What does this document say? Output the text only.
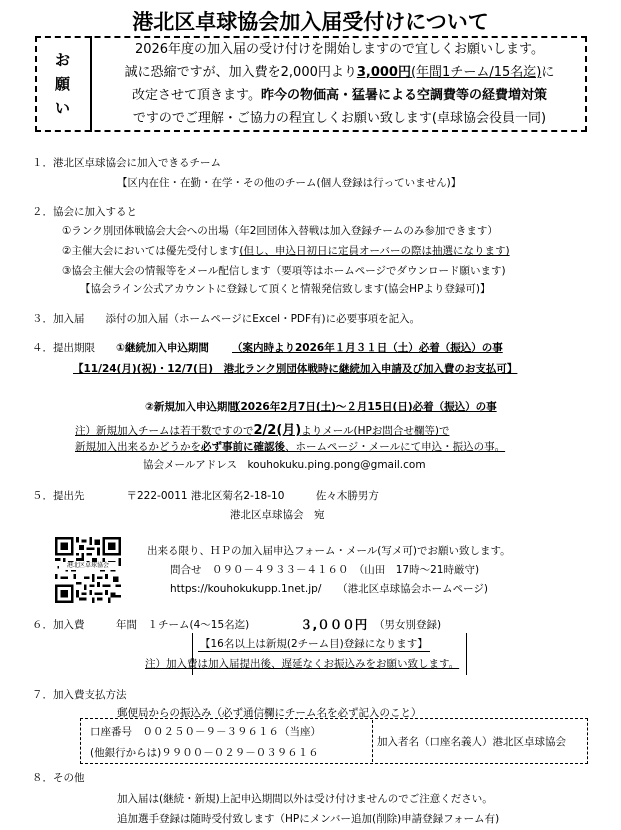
港北区卓球協会加入届受付けについて
お
願
い
2026年度の加入届の受け付けを開始しますので宜しくお願いします。
誠に恐縮ですが、加入費を2,000円より3,000円(年間1チーム/15名迄)に
改定させて頂きます。昨今の物価高・猛暑による空調費等の経費増対策
ですのでご理解・ご協力の程宜しくお願い致します(卓球協会役員一同)
１．港北区卓球協会に加入できるチーム
【区内在住・在勤・在学・その他のチーム(個人登録は行っていません)】
２．協会に加入すると
①ランク別団体戦協会大会への出場（年2回団体入替戦は加入登録チームのみ参加できます）
②主催大会においては優先受付します(但し、申込日初日に定員オーバーの際は抽選になります)
③協会主催大会の情報等をメール配信します（要項等はホームページでダウンロード願います)
【協会ライン公式アカウントに登録して頂くと情報発信致します(協会HPより登録可)】
３．加入届　　添付の加入届（ホームページにExcel・PDF有)に必要事項を記入。
４．提出期限 ①継続加入申込期間 （案内時より2026年１月３１日（土）必着（振込）の事
【11/24(月)(祝)・12/7(日)　港北ランク別団体戦時に継続加入申請及び加入費のお支払可】
②新規加入申込期間
（2026年2月7日(土)～２月15日(日)必着（振込）の事
注）新規加入チームは若干数ですので2/2(月)よりメール(HPお問合せ欄等)で
新規加入出来るかどうかを必ず事前に確認後、ホームページ・メールにて申込・振込の事。
協会メールアドレス　kouhokuku.ping.pong@gmail.com
５．提出先　　　　〒222-0011 港北区菊名2-18-10　　　佐々木勝男方
港北区卓球協会　宛
港北区卓球協会
出来る限り、ＨＰの加入届申込フォーム・メール(写メ可)でお願い致します。
問合せ　０９０－４９３３－４１６０　（山田　17時～21時厳守)
https://kouhokukupp.1net.jp/　　（港北区卓球協会ホームページ)
６．加入費　　　年間　１チーム(4～15名迄)	３,０００円 （男女別登録)
【16名以上は新規(2チーム目)登録になります】
注）加入費は加入届提出後、遅延なくお振込みをお願い致します。
７．加入費支払方法
郵便局からの振込み（必ず通信欄にチーム名を必ず記入のこと）
口座番号　００２５０－９－３９６１６（当座）
(他銀行からは)９９００－０２９－０３９６１６
加入者名（口座名義人）港北区卓球協会
８．その他
加入届は(継続・新規)上記申込期間以外は受け付けませんのでご注意ください。
追加選手登録は随時受付致します（HPにメンバー追加(削除)申請登録フォーム有)
